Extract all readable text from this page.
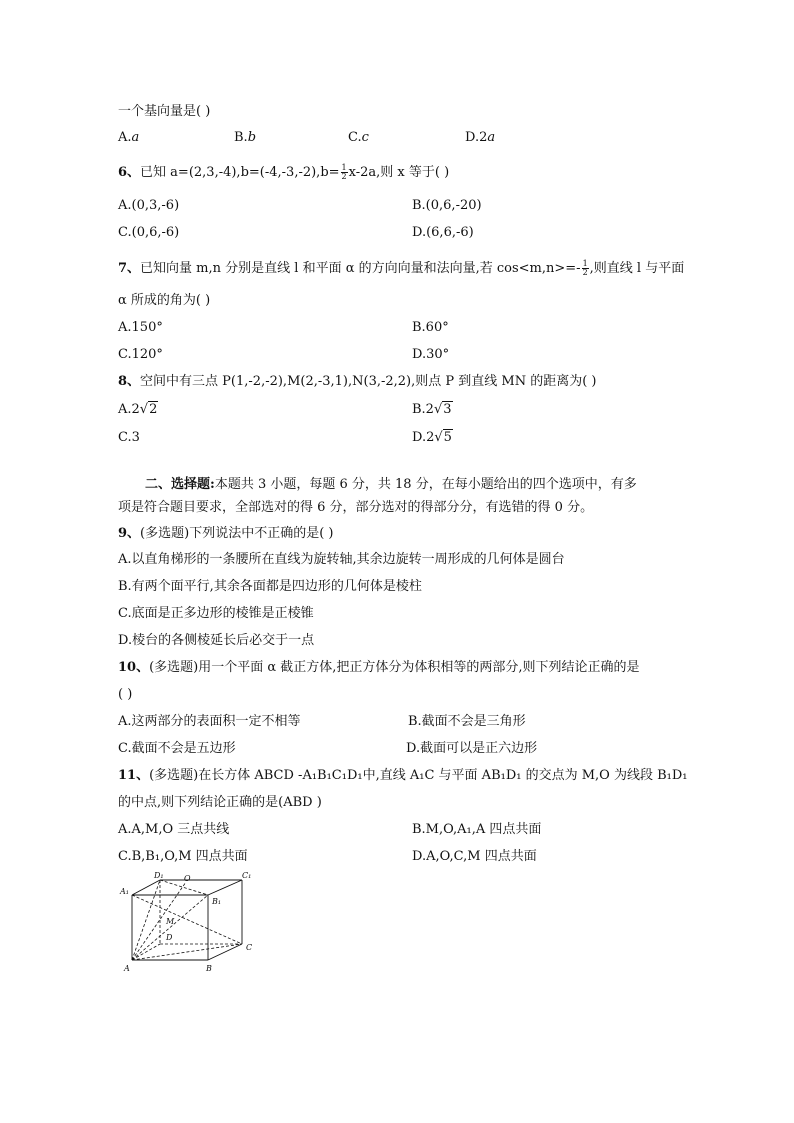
一个基向量是( )
A.a	B.b	C.c	D.2a
6、已知 $a=(2,3,-4),b=(-4,-3,-2),b= \frac{1}{2} x-2a$,则 x 等于( )
A.(0,3,-6)	B.(0,6,-20)
C.(0,6,-6)	D.(6,6,-6)
7、已知向量 m,n 分别是直线 l 和平面 α 的方向向量和法向量,若 $\cos<m,n>=- \frac{1}{2}$ ,则直线 l 与平面
α 所成的角为( )
A.150°	B.60°
C.120°	D.30°
8、空间中有三点 P(1,-2,-2),M(2,-3,1),N(3,-2,2),则点 P 到直线 MN 的距离为( )
A.2√2	B.2√3
C.3	D.2√5
二、选择题:本题共 3 小题，每题 6 分，共 18 分，在每小题给出的四个选项中，有多
项是符合题目要求，全部选对的得 6 分，部分选对的得部分分，有选错的得 0 分。
9、(多选题)下列说法中不正确的是( )
A.以直角梯形的一条腰所在直线为旋转轴,其余边旋转一周形成的几何体是圆台
B.有两个面平行,其余各面都是四边形的几何体是棱柱
C.底面是正多边形的棱锥是正棱锥
D.棱台的各侧棱延长后必交于一点
10、(多选题)用一个平面 α 截正方体,把正方体分为体积相等的两部分,则下列结论正确的是
( )
A.这两部分的表面积一定不相等	B.截面不会是三角形
C.截面不会是五边形	D.截面可以是正六边形
11、(多选题)在长方体 ABCD -A₁B₁C₁D₁中,直线 A₁C 与平面 AB₁D₁ 的交点为 M,O 为线段 B₁D₁
的中点,则下列结论正确的是(ABD )
A.A,M,O 三点共线	B.M,O,A₁,A 四点共面
C.B,B₁,O,M 四点共面	D.A,O,C,M 四点共面
A₁
D₁	O	C₁
B₁
M
D
C
A	B
